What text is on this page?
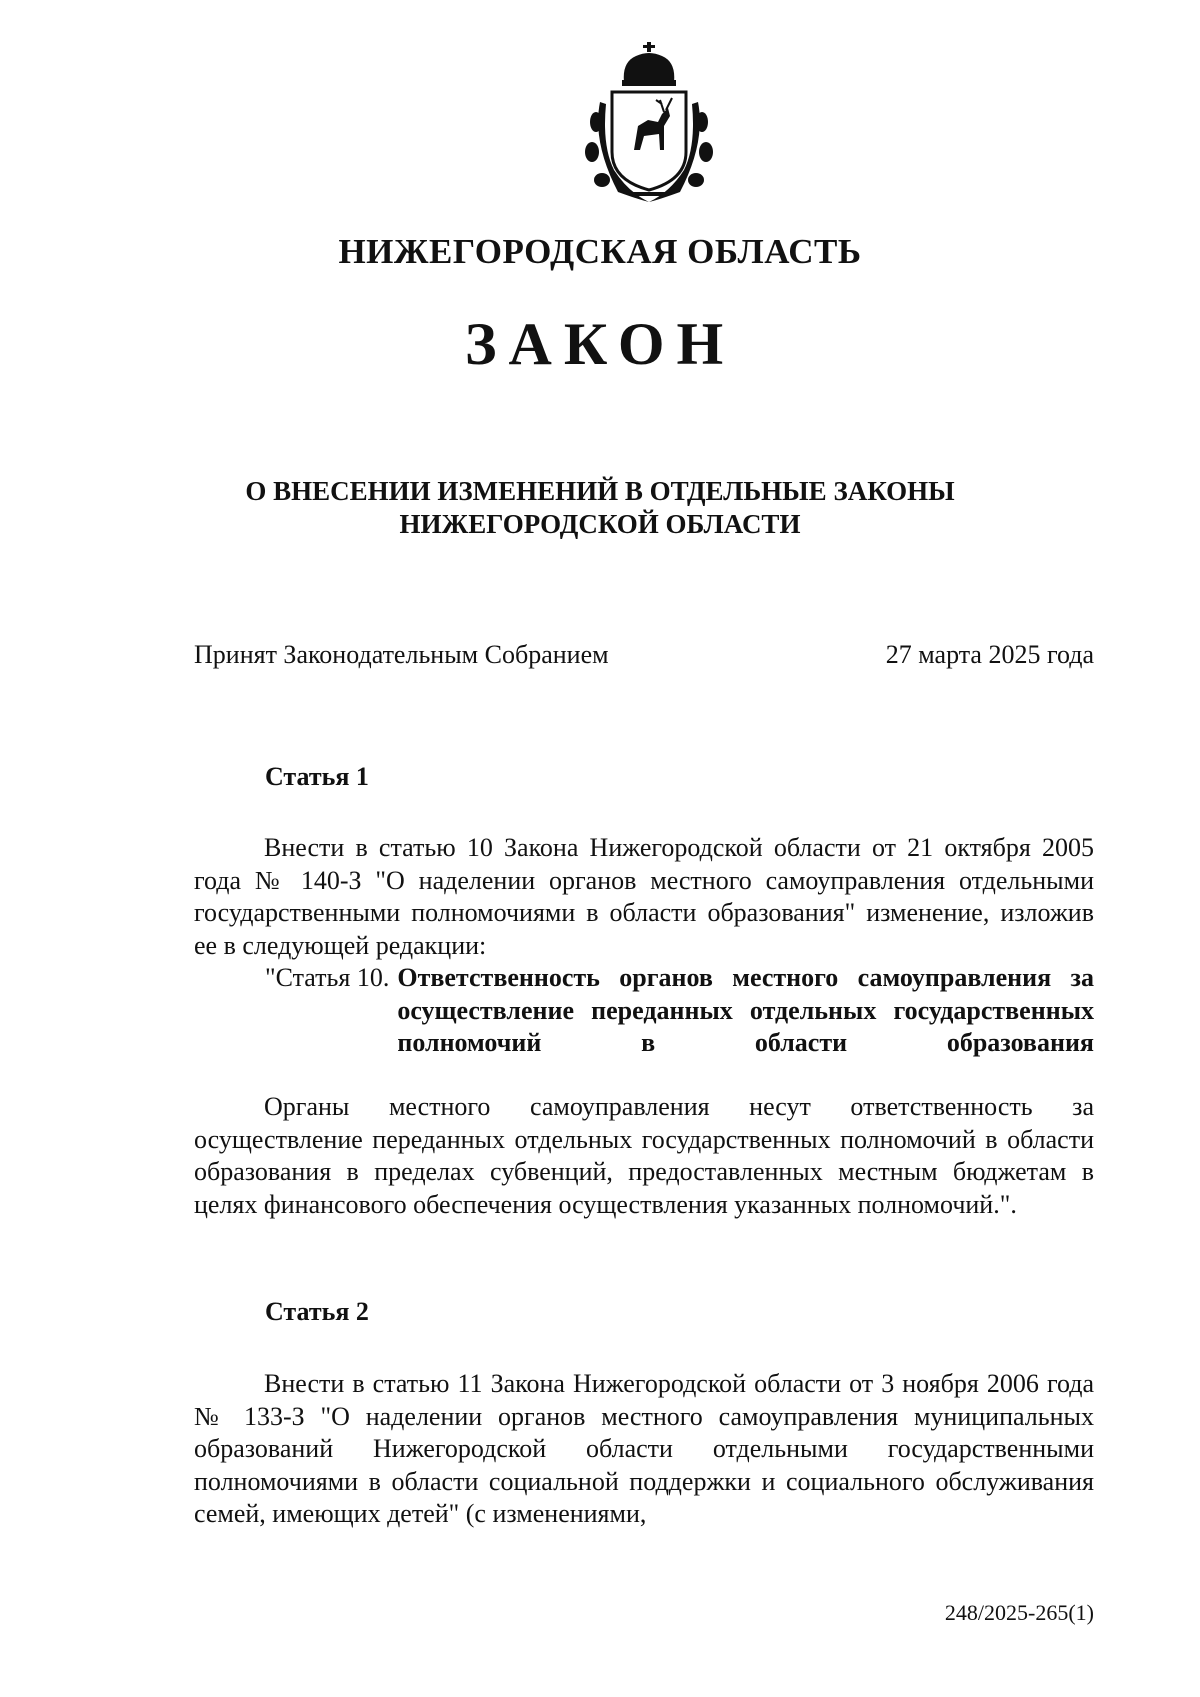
НИЖЕГОРОДСКАЯ ОБЛАСТЬ
ЗАКОН
О ВНЕСЕНИИ ИЗМЕНЕНИЙ В ОТДЕЛЬНЫЕ ЗАКОНЫ
НИЖЕГОРОДСКОЙ ОБЛАСТИ
Принят Законодательным Собранием	27 марта 2025 года
Статья 1
Внести в статью 10 Закона Нижегородской области от 21 октября 2005 года № 140-З "О наделении органов местного самоуправления отдельными государственными полномочиями в области образования" изменение, изложив ее в следующей редакции:
"Статья 10. Ответственность органов местного самоуправления за осуществление переданных отдельных государственных полномочий в области образования
Органы местного самоуправления несут ответственность за осуществление переданных отдельных государственных полномочий в области образования в пределах субвенций, предоставленных местным бюджетам в целях финансового обеспечения осуществления указанных полномочий.".
Статья 2
Внести в статью 11 Закона Нижегородской области от 3 ноября 2006 года № 133-З "О наделении органов местного самоуправления муниципальных образований Нижегородской области отдельными государственными полномочиями в области социальной поддержки и социального обслуживания семей, имеющих детей" (с изменениями,
248/2025-265(1)
